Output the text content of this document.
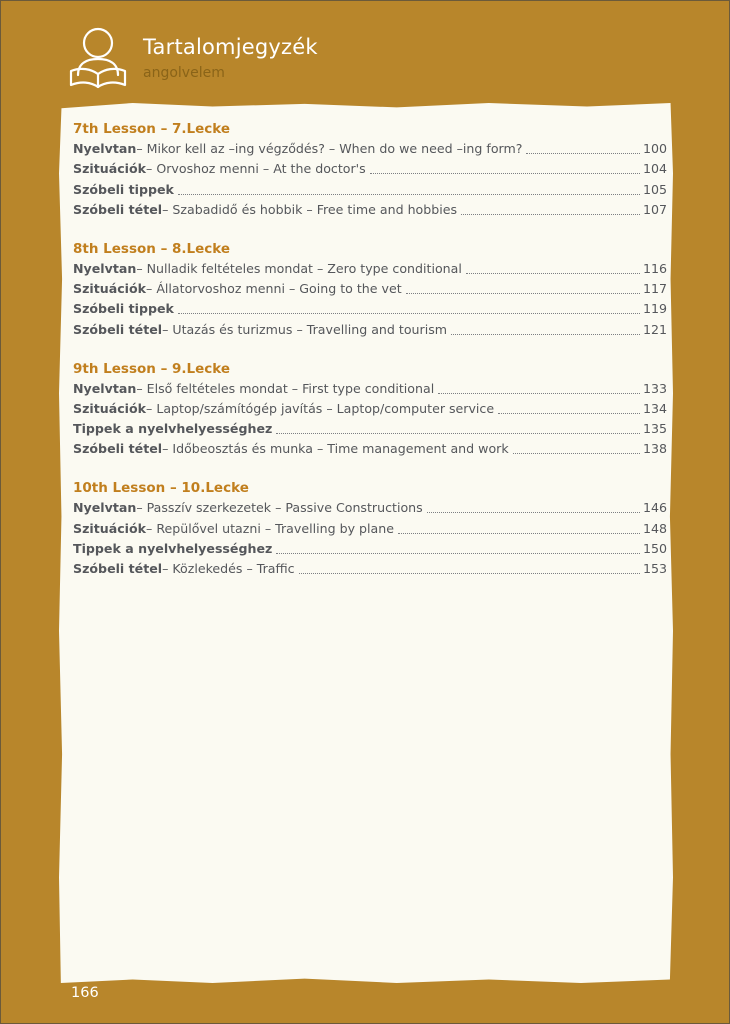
Tartalomjegyzék
angolvelem
7th Lesson – 7.Lecke
Nyelvtan – Mikor kell az –ing végződés? – When do we need –ing form?	100
Szituációk – Orvoshoz menni – At the doctor's	104
Szóbeli tippek	105
Szóbeli tétel – Szabadidő és hobbik – Free time and hobbies	107
8th Lesson – 8.Lecke
Nyelvtan – Nulladik feltételes mondat – Zero type conditional	116
Szituációk – Állatorvoshoz menni – Going to the vet	117
Szóbeli tippek	119
Szóbeli tétel – Utazás és turizmus – Travelling and tourism	121
9th Lesson – 9.Lecke
Nyelvtan – Első feltételes mondat – First type conditional	133
Szituációk – Laptop/számítógép javítás – Laptop/computer service	134
Tippek a nyelvhelyességhez	135
Szóbeli tétel – Időbeosztás és munka – Time management and work	138
10th Lesson – 10.Lecke
Nyelvtan – Passzív szerkezetek – Passive Constructions	146
Szituációk – Repülővel utazni – Travelling by plane	148
Tippek a nyelvhelyességhez	150
Szóbeli tétel – Közlekedés – Traffic	153
166
